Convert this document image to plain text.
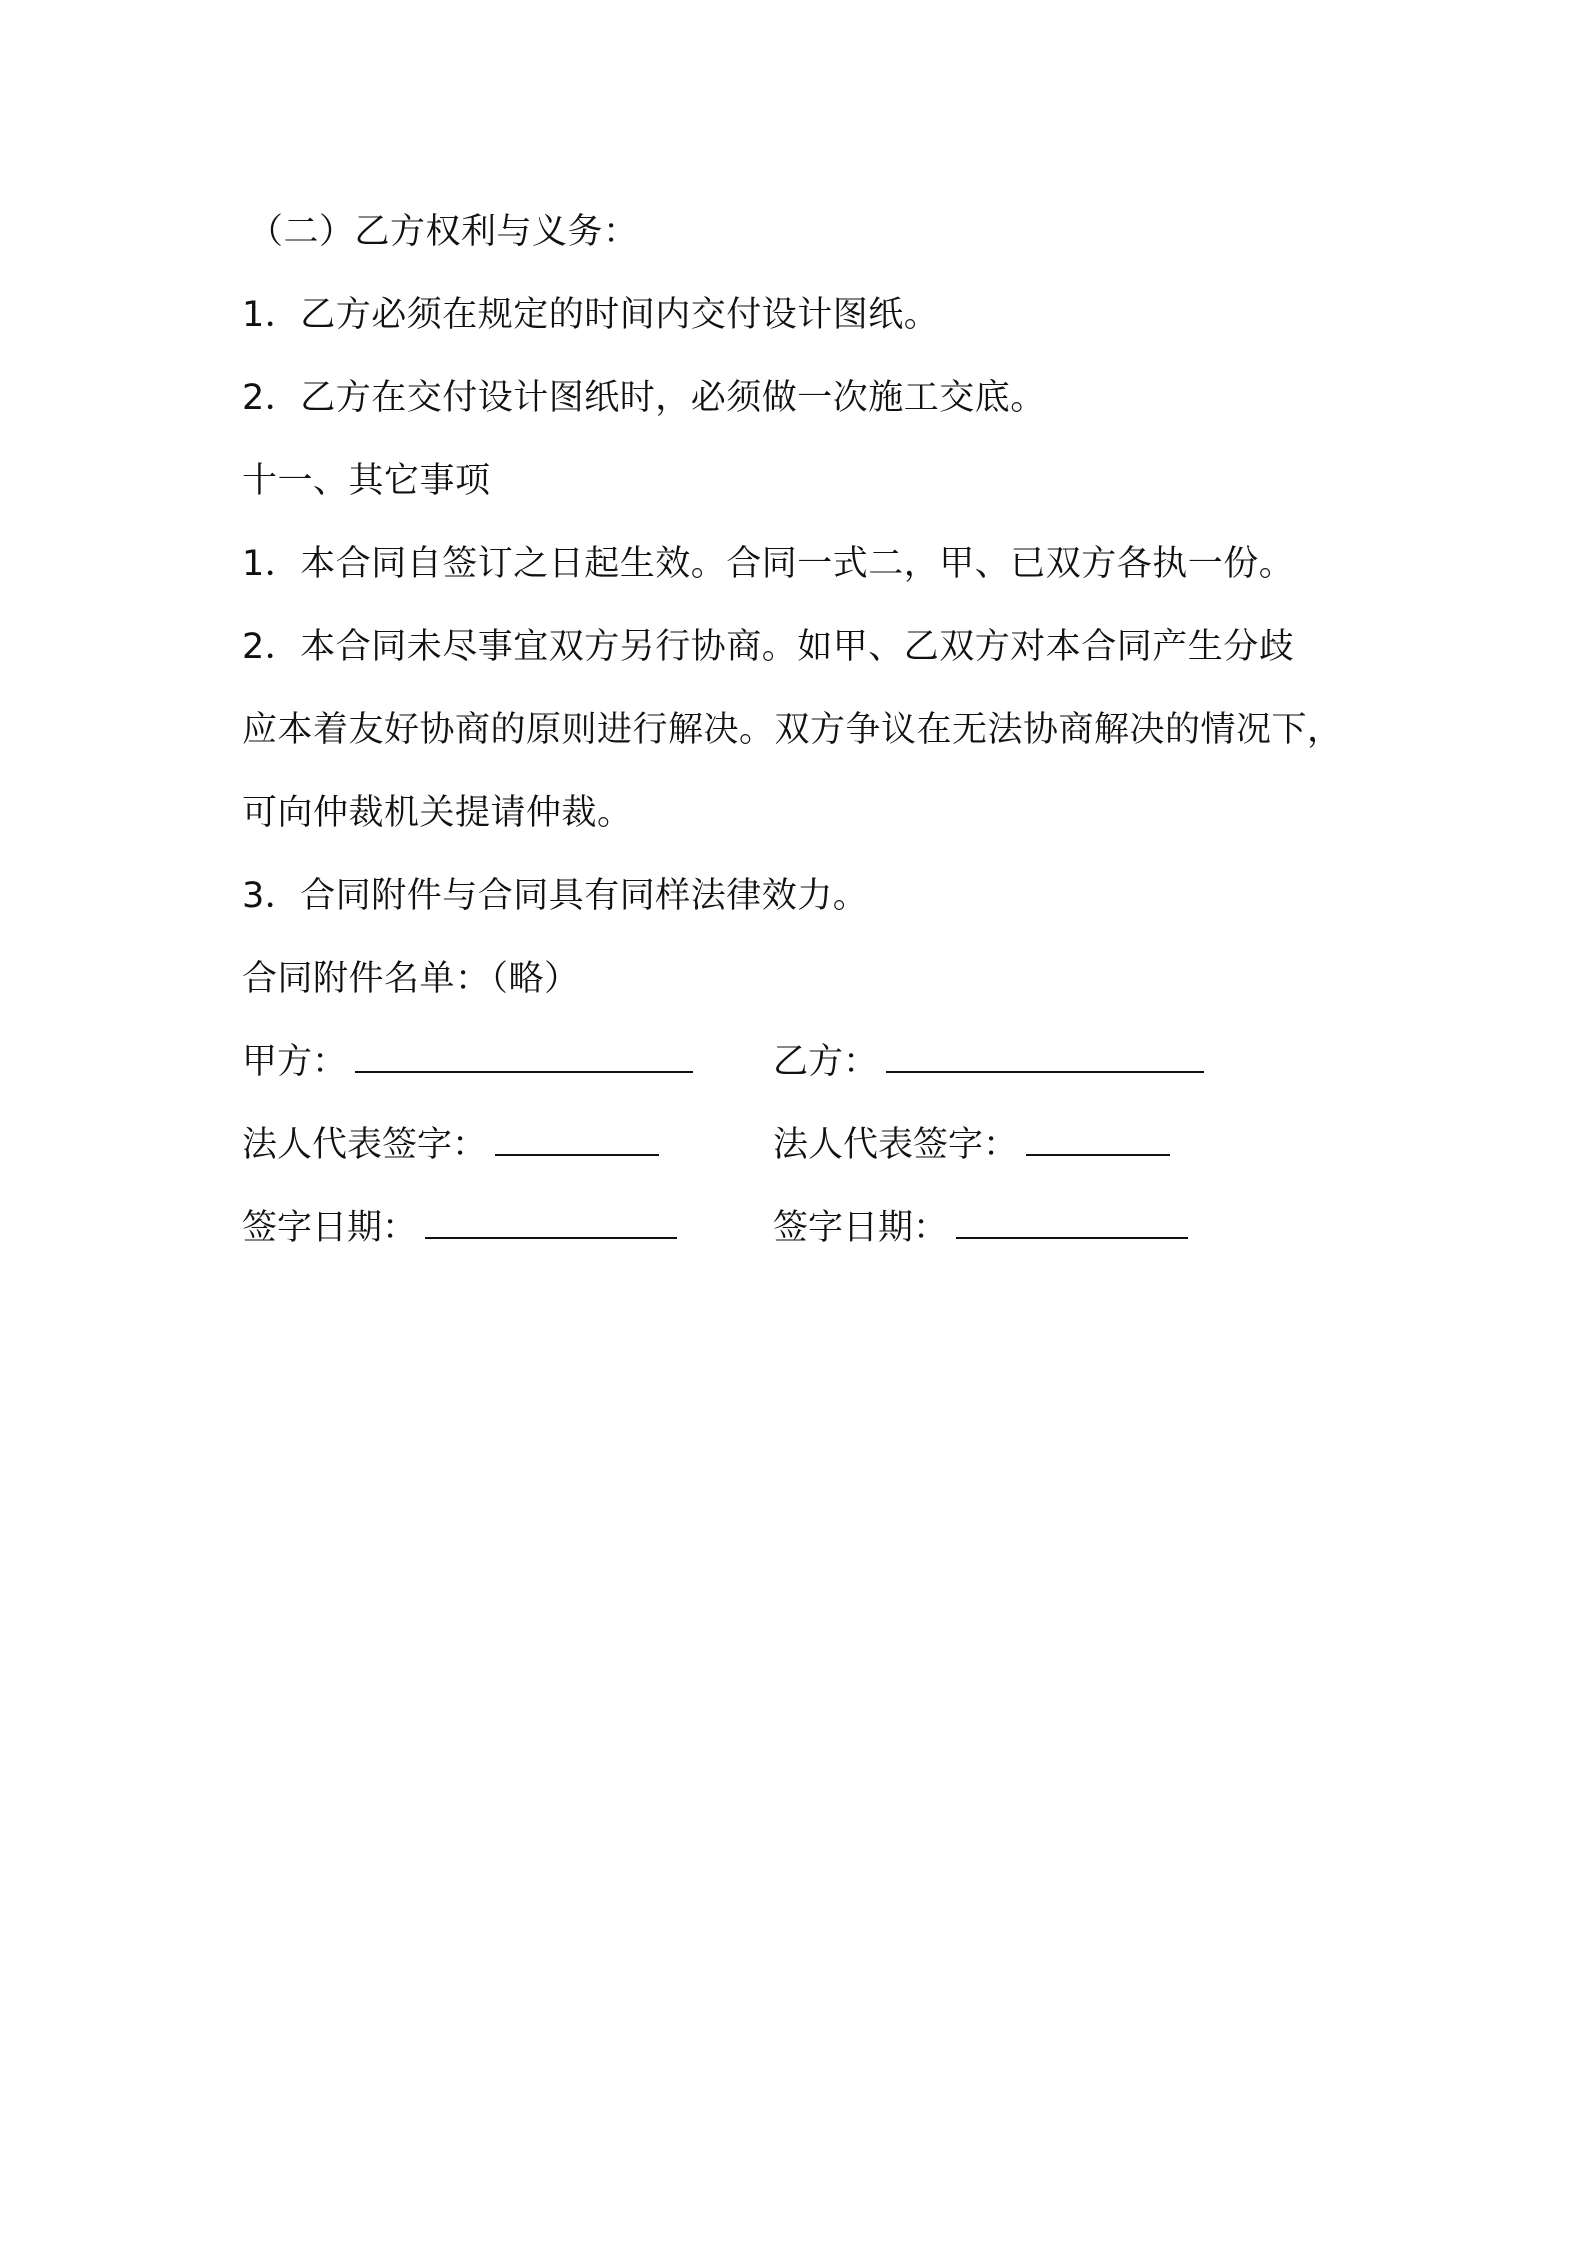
（二）乙方权利与义务：
1．乙方必须在规定的时间内交付设计图纸。
2．乙方在交付设计图纸时，必须做一次施工交底。
十一、其它事项
1．本合同自签订之日起生效。合同一式二，甲、已双方各执一份。
2．本合同未尽事宜双方另行协商。如甲、乙双方对本合同产生分歧
应本着友好协商的原则进行解决。双方争议在无法协商解决的情况下，
可向仲裁机关提请仲裁。
3．合同附件与合同具有同样法律效力。
合同附件名单：（略）
甲方：	乙方：
法人代表签字：	法人代表签字：
签字日期：	签字日期：
